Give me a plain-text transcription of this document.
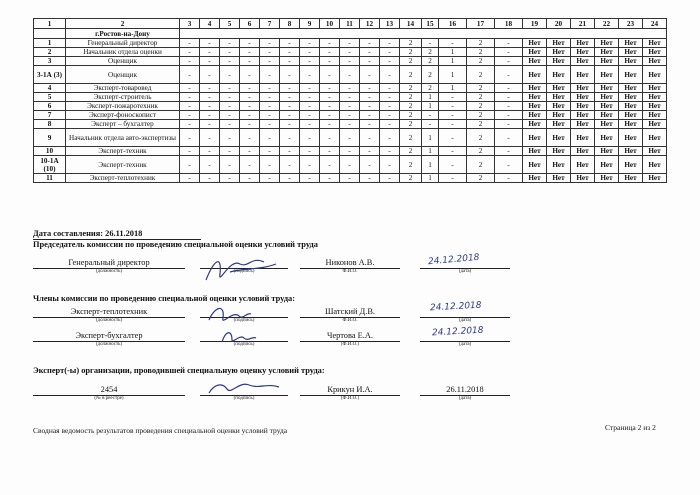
1	2	3	4	5	6	7	8	9	10	11	12	13	14	15	16	17	18	19	20	21	22	23	24
	г.Ростов-на-Дону																						
1	Генеральный директор	-	-	-	-	-	-	-	-	-	-	-	2	-	-	2	-	Нет	Нет	Нет	Нет	Нет	Нет
2	Начальник отдела оценки	-	-	-	-	-	-	-	-	-	-	-	2	2	1	2	-	Нет	Нет	Нет	Нет	Нет	Нет
3	Оценщик	-	-	-	-	-	-	-	-	-	-	-	2	2	1	2	-	Нет	Нет	Нет	Нет	Нет	Нет
3-1А (3)	Оценщик	-	-	-	-	-	-	-	-	-	-	-	2	2	1	2	-	Нет	Нет	Нет	Нет	Нет	Нет
4	Эксперт-товаровед	-	-	-	-	-	-	-	-	-	-	-	2	2	1	2	-	Нет	Нет	Нет	Нет	Нет	Нет
5	Эксперт-строитель	-	-	-	-	-	-	-	-	-	-	-	2	1	-	2	-	Нет	Нет	Нет	Нет	Нет	Нет
6	Эксперт-пожаротехник	-	-	-	-	-	-	-	-	-	-	-	2	1	-	2	-	Нет	Нет	Нет	Нет	Нет	Нет
7	Эксперт-фоноскопист	-	-	-	-	-	-	-	-	-	-	-	2	-	-	2	-	Нет	Нет	Нет	Нет	Нет	Нет
8	Эксперт – бухгалтер	-	-	-	-	-	-	-	-	-	-	-	2	-	-	2	-	Нет	Нет	Нет	Нет	Нет	Нет
9	Начальник отдела авто-экспертизы	-	-	-	-	-	-	-	-	-	-	-	2	1	-	2	-	Нет	Нет	Нет	Нет	Нет	Нет
10	Эксперт-техник	-	-	-	-	-	-	-	-	-	-	-	2	1	-	2	-	Нет	Нет	Нет	Нет	Нет	Нет
10-1А (10)	Эксперт-техник	-	-	-	-	-	-	-	-	-	-	-	2	1	-	2	-	Нет	Нет	Нет	Нет	Нет	Нет
11	Эксперт-теплотехник	-	-	-	-	-	-	-	-	-	-	-	2	1	-	2	-	Нет	Нет	Нет	Нет	Нет	Нет
Дата составления: 26.11.2018
Председатель комиссии по проведению специальной оценки условий труда
Генеральный директор
(должность)	(подпись)
Никонов А.В.
Ф.И.О.
24.12.2018
(дата)
Члены комиссии по проведению специальной оценки условий труда:
Эксперт-теплотехник
(должность)	(подпись)
Шатский Д.В.
Ф.И.О.
24.12.2018
(дата)
Эксперт-бухгалтер
(должность)	(подпись)
Чертова Е.А.
(Ф.И.О.)
24.12.2018
(дата)
Эксперт(-ы) организации, проводившей специальную оценку условий труда:
2454
(№ в реестре)	(подпись)
Крикун И.А.
(Ф.И.О.)
26.11.2018
(дата)
Сводная ведомость результатов проведения специальной оценки условий труда	Страница 2 из 2
